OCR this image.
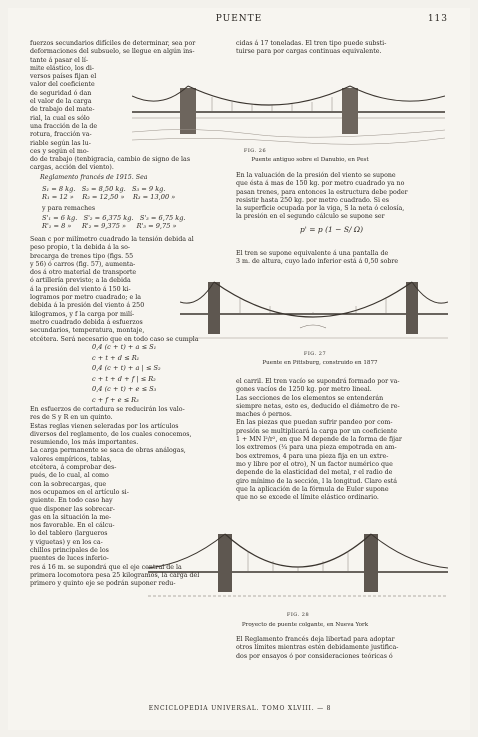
PUENTE	113
fuerzos secundarios difíciles de determinar, sea por
deformaciones del subsuelo, se llegue en algún ins-
tante á pasar el lí-
mite elástico, los di-
versos países fijan el
valor del coeficiente
de seguridad ó dan
el valor de la carga
de trabajo del mate-
rial, la cual es sólo
una fracción de la de
rotura, fracción va-
riable según las lu-
ces y según el mo-
do de trabajo (tenbigracia, cambio de signo de las
cargas, acción del viento).
Reglamento francés de 1915. Sea
S₁ = 8 kg.   S₂ = 8,50 kg.   S₃ = 9 kg.
R₁ = 12 »    R₂ = 12,50 »    R₃ = 13,00 »
y para remaches
S'₁ = 6 kg.   S'₂ = 6,375 kg.   S'₃ = 6,75 kg.
R'₁ = 8 »     R'₂ = 9,375 »     R'₃ = 9,75 »
Sean c por milímetro cuadrado la tensión debida al
peso propio, t la debida á la so-
brecarga de trenes tipo (figs. 55
y 56) ó carros (fig. 57), aumenta-
dos á otro material de transporte
ó artillería previsto; a la debida
á la presión del viento á 150 ki-
logramos por metro cuadrado; e la
debida á la presión del viento á 250
kilogramos, y f la carga por milí-
metro cuadrado debida á esfuerzos
secundarios, temperatura, montaje,
etcétera. Será necesario que en todo caso se cumpla
0,4 (c + t) + a ≤ S₁
c + t + d ≤ R₁
0,4 (c + t) + a | ≤ S₂
c + t + d + f | ≤ R₂
0,4 (c + t) + e ≤ S₃
c + f + e ≤ R₃
En esfuerzos de cortadura se reducirán los valo-
res de S y R en un quinto.
Estas reglas vienen seleradas por los artículos
diversos del reglamento, de los cuales conocemos,
resumiendo, los más importantes.
La carga permanente se saca de obras análogas,
valores empíricos, tablas,
etcétera, á comprobar des-
pués, de lo cual, al como
con la sobrecargas, que
nos ocupamos en el artículo si-
guiente. En todo caso hay
que disponer las sobrecar-
gas en la situación la me-
nos favorable. En el cálcu-
lo del tablero (largueros
y viguetas) y en los ca-
chillos principales de los
puentes de luces inferio-
res á 16 m. se supondrá que el eje central de la
primera locomotora pesa 25 kilogramos, la carga del
primero y quinto eje se podrán suponer redu-
cidas á 17 toneladas. El tren tipo puede substi-
tuirse para por cargas continuas equivalente.
FIG. 26
Puente antiguo sobre el Danubio, en Pest
En la valuación de la presión del viento se supone
que ésta á mas de 150 kg. por metro cuadrado ya no
pasan trenes, para entonces la estructura debe poder
resistir hasta 250 kg. por metro cuadrado. Si es
la superficie ocupada por la viga, S la neta ó celosía,
la presión en el segundo cálculo se supone ser
p' = p (1 − S/ Ω)
El tren se supone equivalente á una pantalla de
3 m. de altura, cuyo lado inferior está á 0,50 sobre
FIG. 27
Puente en Pittsburg, construido en 1877
el carril. El tren vacío se supondrá formado por va-
gones vacíos de 1250 kg. por metro lineal.
Las secciones de los elementos se entenderán
siempre netas, esto es, deducido el diámetro de re-
maches ó pernos.
En las piezas que puedan sufrir pandeo por com-
presión se multiplicará la carga por un coeficiente
1 + MN l²/r², en que M depende de la forma de fijar
los extremos (¼ para una pieza empotrada en am-
bos extremos, 4 para una pieza fija en un extre-
mo y libre por el otro), N un factor numérico que
depende de la elasticidad del metal, r el radio de
giro mínimo de la sección, l la longitud. Claro está
que la aplicación de la fórmula de Euler supone
que no se excede el límite elástico ordinario.
FIG. 28
Proyecto de puente colgante, en Nueva York
El Reglamento francés deja libertad para adoptar
otros límites mientras estén debidamente justifica-
dos por ensayos ó por consideraciones teóricas ó
ENCICLOPEDIA UNIVERSAL. TOMO XLVIII. — 8
